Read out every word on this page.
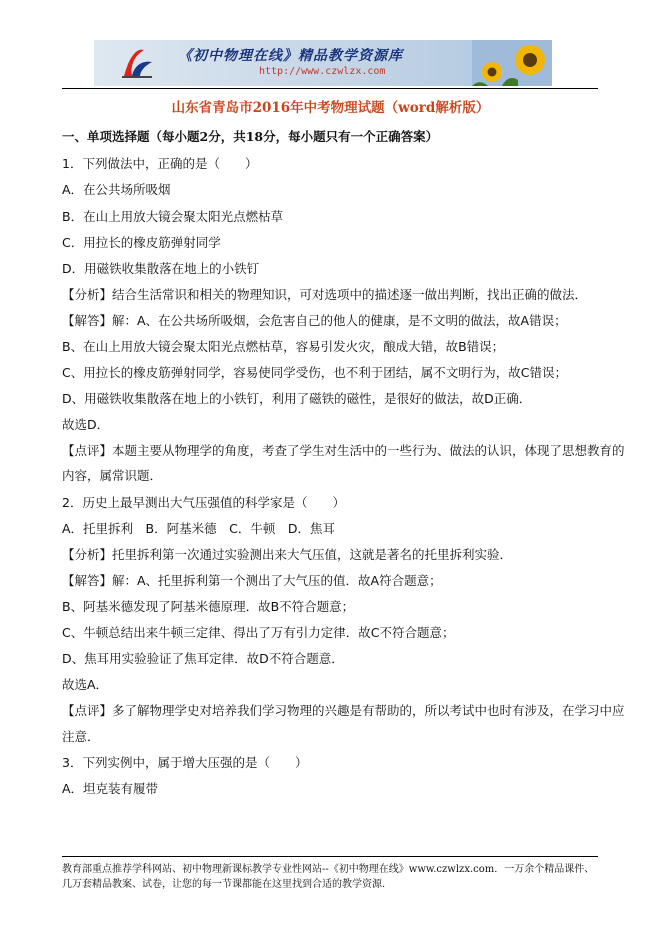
《初中物理在线》精品教学资源库
http://www.czwlzx.com
山东省青岛市2016年中考物理试题（word解析版）
一、单项选择题（每小题2分，共18分，每小题只有一个正确答案）
1．下列做法中，正确的是（　　）
A．在公共场所吸烟
B．在山上用放大镜会聚太阳光点燃枯草
C．用拉长的橡皮筋弹射同学
D．用磁铁收集散落在地上的小铁钉
【分析】结合生活常识和相关的物理知识，可对选项中的描述逐一做出判断，找出正确的做法．
【解答】解：A、在公共场所吸烟，会危害自己的他人的健康，是不文明的做法，故A错误；
B、在山上用放大镜会聚太阳光点燃枯草，容易引发火灾，酿成大错，故B错误；
C、用拉长的橡皮筋弹射同学，容易使同学受伤，也不利于团结，属不文明行为，故C错误；
D、用磁铁收集散落在地上的小铁钉，利用了磁铁的磁性，是很好的做法，故D正确．
故选D．
【点评】本题主要从物理学的角度，考查了学生对生活中的一些行为、做法的认识，体现了思想教育的
内容，属常识题．
2．历史上最早测出大气压强值的科学家是（　　）
A．托里拆利　B．阿基米德　C．牛顿　D．焦耳
【分析】托里拆利第一次通过实验测出来大气压值，这就是著名的托里拆利实验．
【解答】解：A、托里拆利第一个测出了大气压的值．故A符合题意；
B、阿基米德发现了阿基米德原理．故B不符合题意；
C、牛顿总结出来牛顿三定律、得出了万有引力定律．故C不符合题意；
D、焦耳用实验验证了焦耳定律．故D不符合题意．
故选A．
【点评】多了解物理学史对培养我们学习物理的兴趣是有帮助的，所以考试中也时有涉及，在学习中应
注意．
3．下列实例中，属于增大压强的是（　　）
A．坦克装有履带
教育部重点推荐学科网站、初中物理新课标教学专业性网站--《初中物理在线》www.czwlzx.com．一万余个精品课件、
几万套精品教案、试卷，让您的每一节课都能在这里找到合适的教学资源．
